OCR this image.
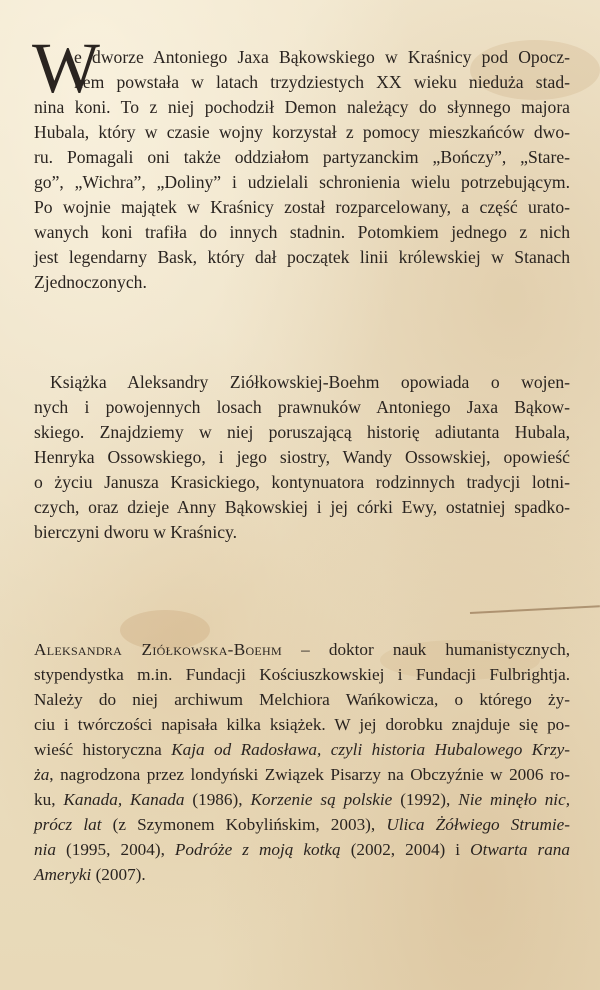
W
e dworze Antoniego Jaxa Bąkowskiego w Kraśnicy pod Opocz-
nem powstała w latach trzydziestych XX wieku nieduża stad-
nina koni. To z niej pochodził Demon należący do słynnego majora
Hubala, który w czasie wojny korzystał z pomocy mieszkańców dwo-
ru. Pomagali oni także oddziałom partyzanckim „Bończy”, „Stare-
go”, „Wichra”, „Doliny” i udzielali schronienia wielu potrzebującym.
Po wojnie majątek w Kraśnicy został rozparcelowany, a część urato-
wanych koni trafiła do innych stadnin. Potomkiem jednego z nich
jest legendarny Bask, który dał początek linii królewskiej w Stanach
Zjednoczonych.
Książka Aleksandry Ziółkowskiej-Boehm opowiada o wojen-
nych i powojennych losach prawnuków Antoniego Jaxa Bąkow-
skiego. Znajdziemy w niej poruszającą historię adiutanta Hubala,
Henryka Ossowskiego, i jego siostry, Wandy Ossowskiej, opowieść
o życiu Janusza Krasickiego, kontynuatora rodzinnych tradycji lotni-
czych, oraz dzieje Anny Bąkowskiej i jej córki Ewy, ostatniej spadko-
bierczyni dworu w Kraśnicy.
Aleksandra Ziółkowska-Boehm – doktor nauk humanistycznych,
stypendystka m.in. Fundacji Kościuszkowskiej i Fundacji Fulbrightja.
Należy do niej archiwum Melchiora Wańkowicza, o którego ży-
ciu i twórczości napisała kilka książek. W jej dorobku znajduje się po-
wieść historyczna Kaja od Radosława, czyli historia Hubalowego Krzy-
ża, nagrodzona przez londyński Związek Pisarzy na Obczyźnie w 2006 ro-
ku, Kanada, Kanada (1986), Korzenie są polskie (1992), Nie minęło nic,
prócz lat (z Szymonem Kobylińskim, 2003), Ulica Żółwiego Strumie-
nia (1995, 2004), Podróże z moją kotką (2002, 2004) i Otwarta rana
Ameryki (2007).
